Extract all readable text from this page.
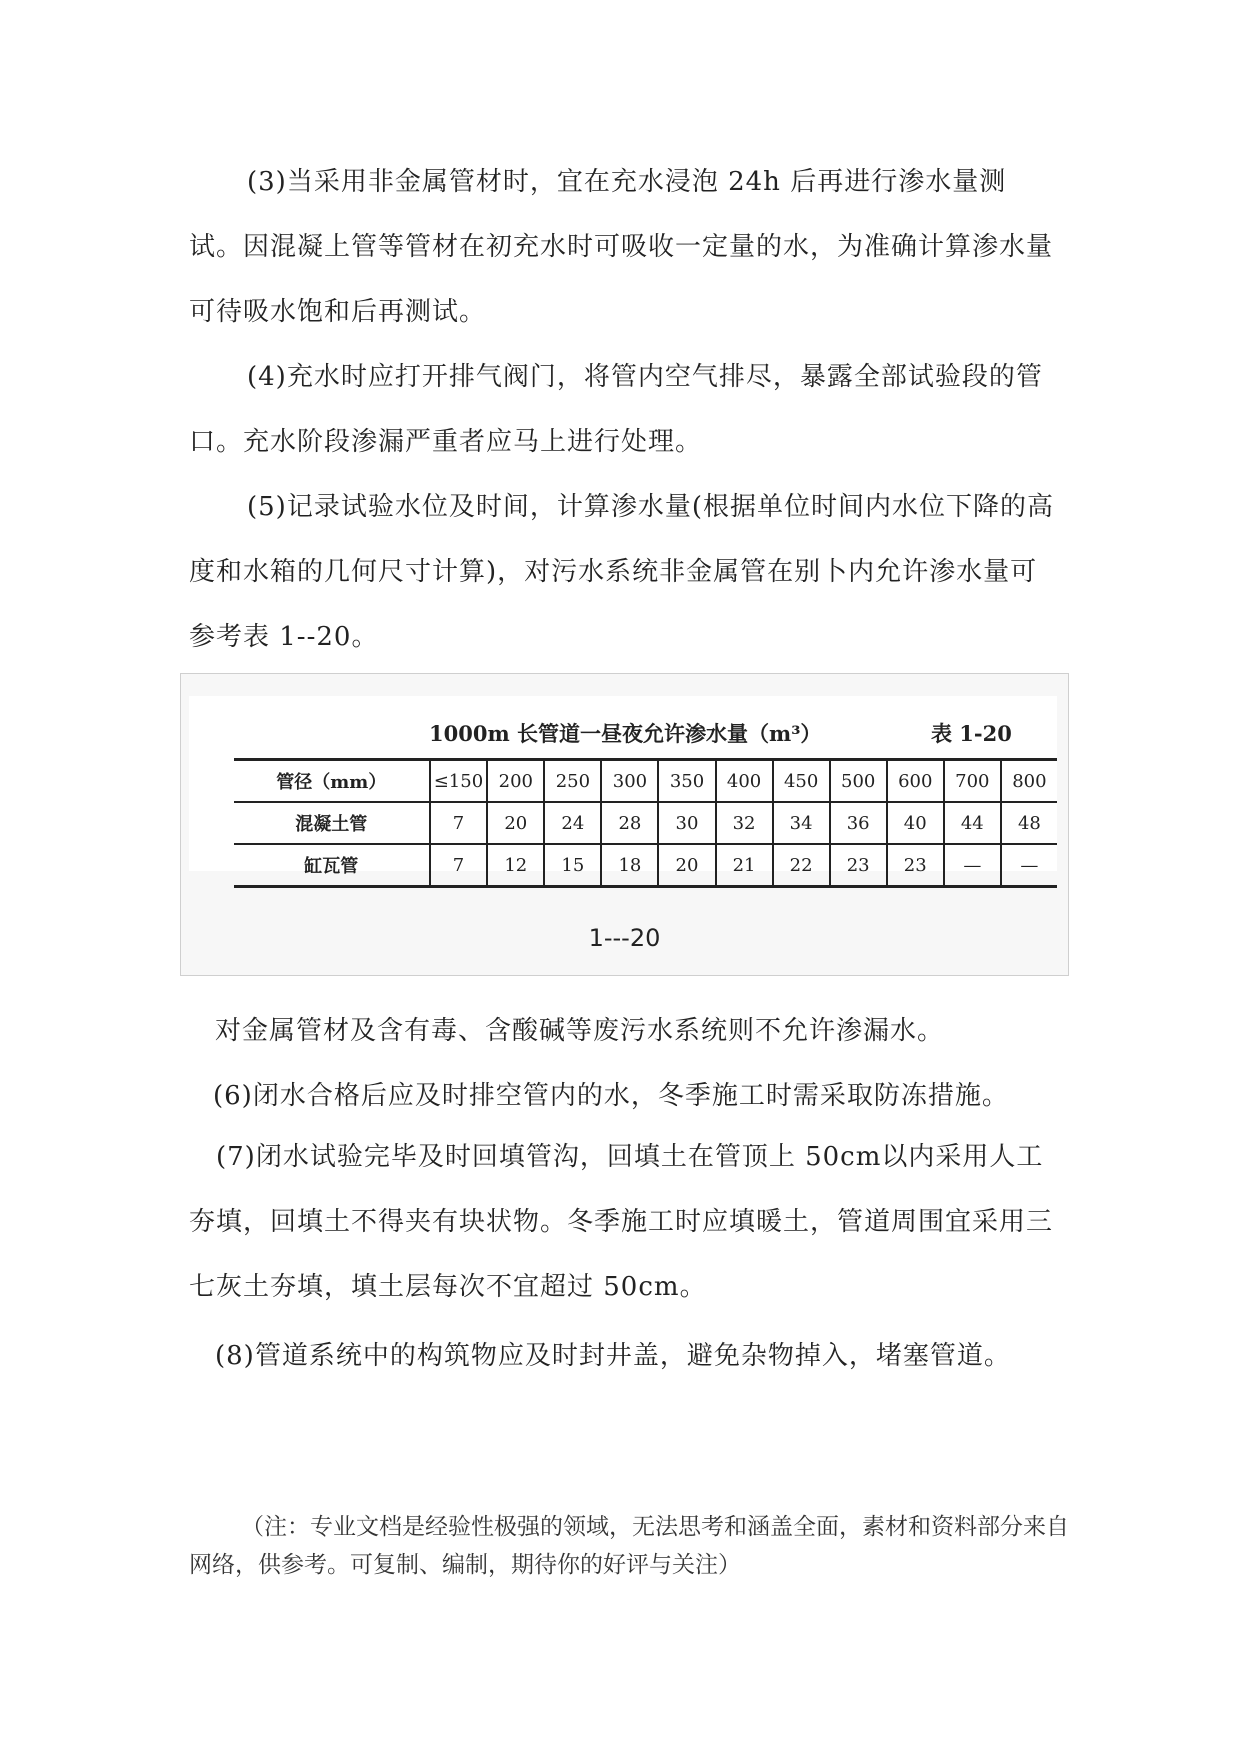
(3)当采用非金属管材时，宜在充水浸泡 24h 后再进行渗水量测试。因混凝上管等管材在初充水时可吸收一定量的水，为准确计算渗水量可待吸水饱和后再测试。

(4)充水时应打开排气阀门，将管内空气排尽，暴露全部试验段的管口。充水阶段渗漏严重者应马上进行处理。

(5)记录试验水位及时间，计算渗水量(根据单位时间内水位下降的高度和水箱的几何尺寸计算)，对污水系统非金属管在别卜内允许渗水量可参考表 1--20。

1000m 长管道一昼夜允许渗水量（m³）	表 1-20
管径（mm）	≤150	200	250	300	350	400	450	500	600	700	800
混凝土管	7	20	24	28	30	32	34	36	40	44	48
缸瓦管	7	12	15	18	20	21	22	23	23	—	—
1---20

对金属管材及含有毒、含酸碱等废污水系统则不允许渗漏水。

(6)闭水合格后应及时排空管内的水，冬季施工时需采取防冻措施。

(7)闭水试验完毕及时回填管沟，回填土在管顶上 50cm以内采用人工夯填，回填土不得夹有块状物。冬季施工时应填暖土，管道周围宜采用三七灰土夯填，填土层每次不宜超过 50cm。

(8)管道系统中的构筑物应及时封井盖，避免杂物掉入，堵塞管道。

（注：专业文档是经验性极强的领域，无法思考和涵盖全面，素材和资料部分来自网络，供参考。可复制、编制，期待你的好评与关注）
